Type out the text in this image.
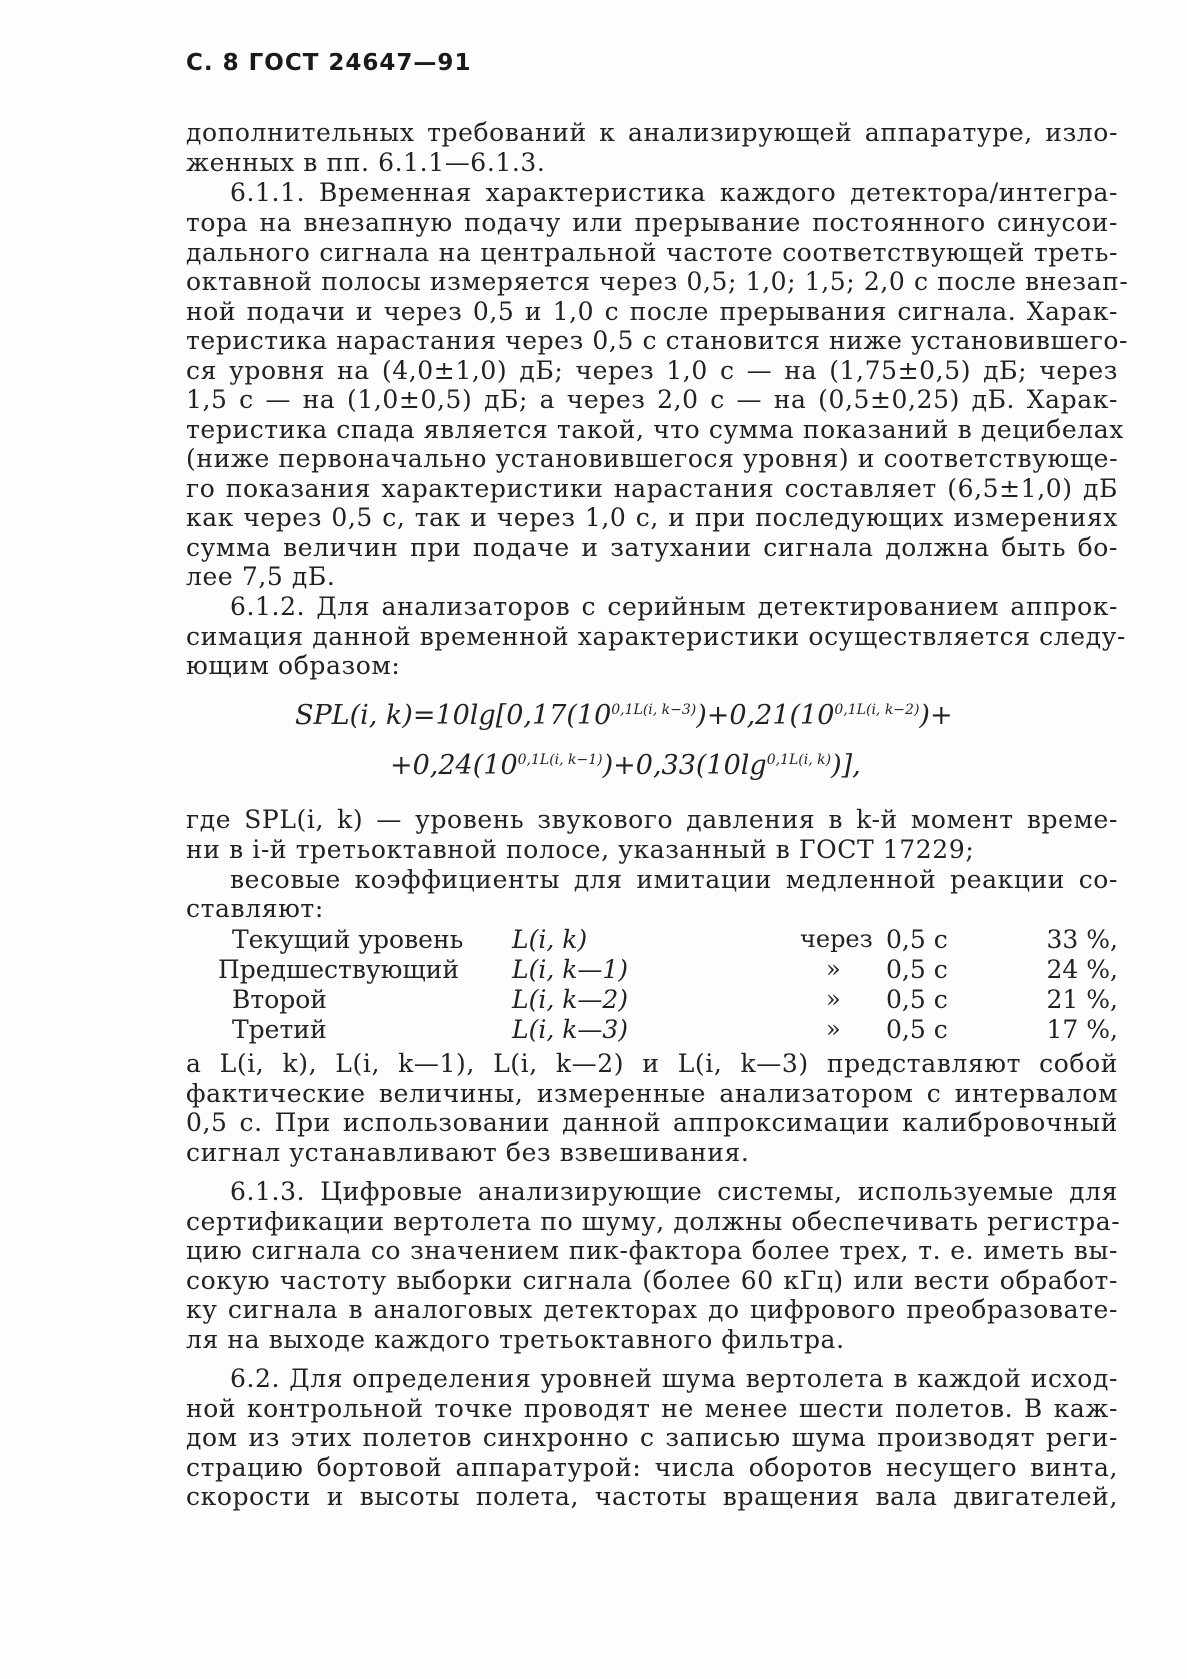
С. 8 ГОСТ 24647—91
дополнительных требований к анализирующей аппаратуре, изло-
женных в пп. 6.1.1—6.1.3.
6.1.1. Временная характеристика каждого детектора/интегра-
тора на внезапную подачу или прерывание постоянного синусои-
дального сигнала на центральной частоте соответствующей треть-
октавной полосы измеряется через 0,5; 1,0; 1,5; 2,0 с после внезап-
ной подачи и через 0,5 и 1,0 с после прерывания сигнала. Харак-
теристика нарастания через 0,5 с становится ниже установившего-
ся уровня на (4,0±1,0) дБ; через 1,0 с — на (1,75±0,5) дБ; через
1,5 с — на (1,0±0,5) дБ; а через 2,0 с — на (0,5±0,25) дБ. Харак-
теристика спада является такой, что сумма показаний в децибелах
(ниже первоначально установившегося уровня) и соответствующе-
го показания характеристики нарастания составляет (6,5±1,0) дБ
как через 0,5 с, так и через 1,0 с, и при последующих измерениях
сумма величин при подаче и затухании сигнала должна быть бо-
лее 7,5 дБ.
6.1.2. Для анализаторов с серийным детектированием аппрок-
симация данной временной характеристики осуществляется следу-
ющим образом:
SPL(i, $k)=10\lg[0,17(10^{0,1L(i, k-3)})+0,21(10^{0,1L(i, k-2)})+$
$+0,24(10^{0,1L(i, k-1)})+0,33(10\lg^{0,1L(i, k)})$],
где SPL(i, k) — уровень звукового давления в k-й момент време-
ни в i-й третьоктавной полосе, указанный в ГОСТ 17229;
весовые коэффициенты для имитации медленной реакции со-
ставляют:
Текущий уровень L(i, k)	через 0,5 с	33 %,
Предшествующий L(i, k—1)	» 0,5 с	24 %,
Второй	L(i, k—2)	» 0,5 с	21 %,
Третий	L(i, k—3)	» 0,5 с	17 %,
а L(i, k), L(i, k—1), L(i, k—2) и L(i, k—3) представляют собой
фактические величины, измеренные анализатором с интервалом
0,5 с. При использовании данной аппроксимации калибровочный
сигнал устанавливают без взвешивания.
6.1.3. Цифровые анализирующие системы, используемые для
сертификации вертолета по шуму, должны обеспечивать регистра-
цию сигнала со значением пик-фактора более трех, т. е. иметь вы-
сокую частоту выборки сигнала (более 60 кГц) или вести обработ-
ку сигнала в аналоговых детекторах до цифрового преобразовате-
ля на выходе каждого третьоктавного фильтра.
6.2. Для определения уровней шума вертолета в каждой исход-
ной контрольной точке проводят не менее шести полетов. В каж-
дом из этих полетов синхронно с записью шума производят реги-
страцию бортовой аппаратурой: числа оборотов несущего винта,
скорости и высоты полета, частоты вращения вала двигателей,
